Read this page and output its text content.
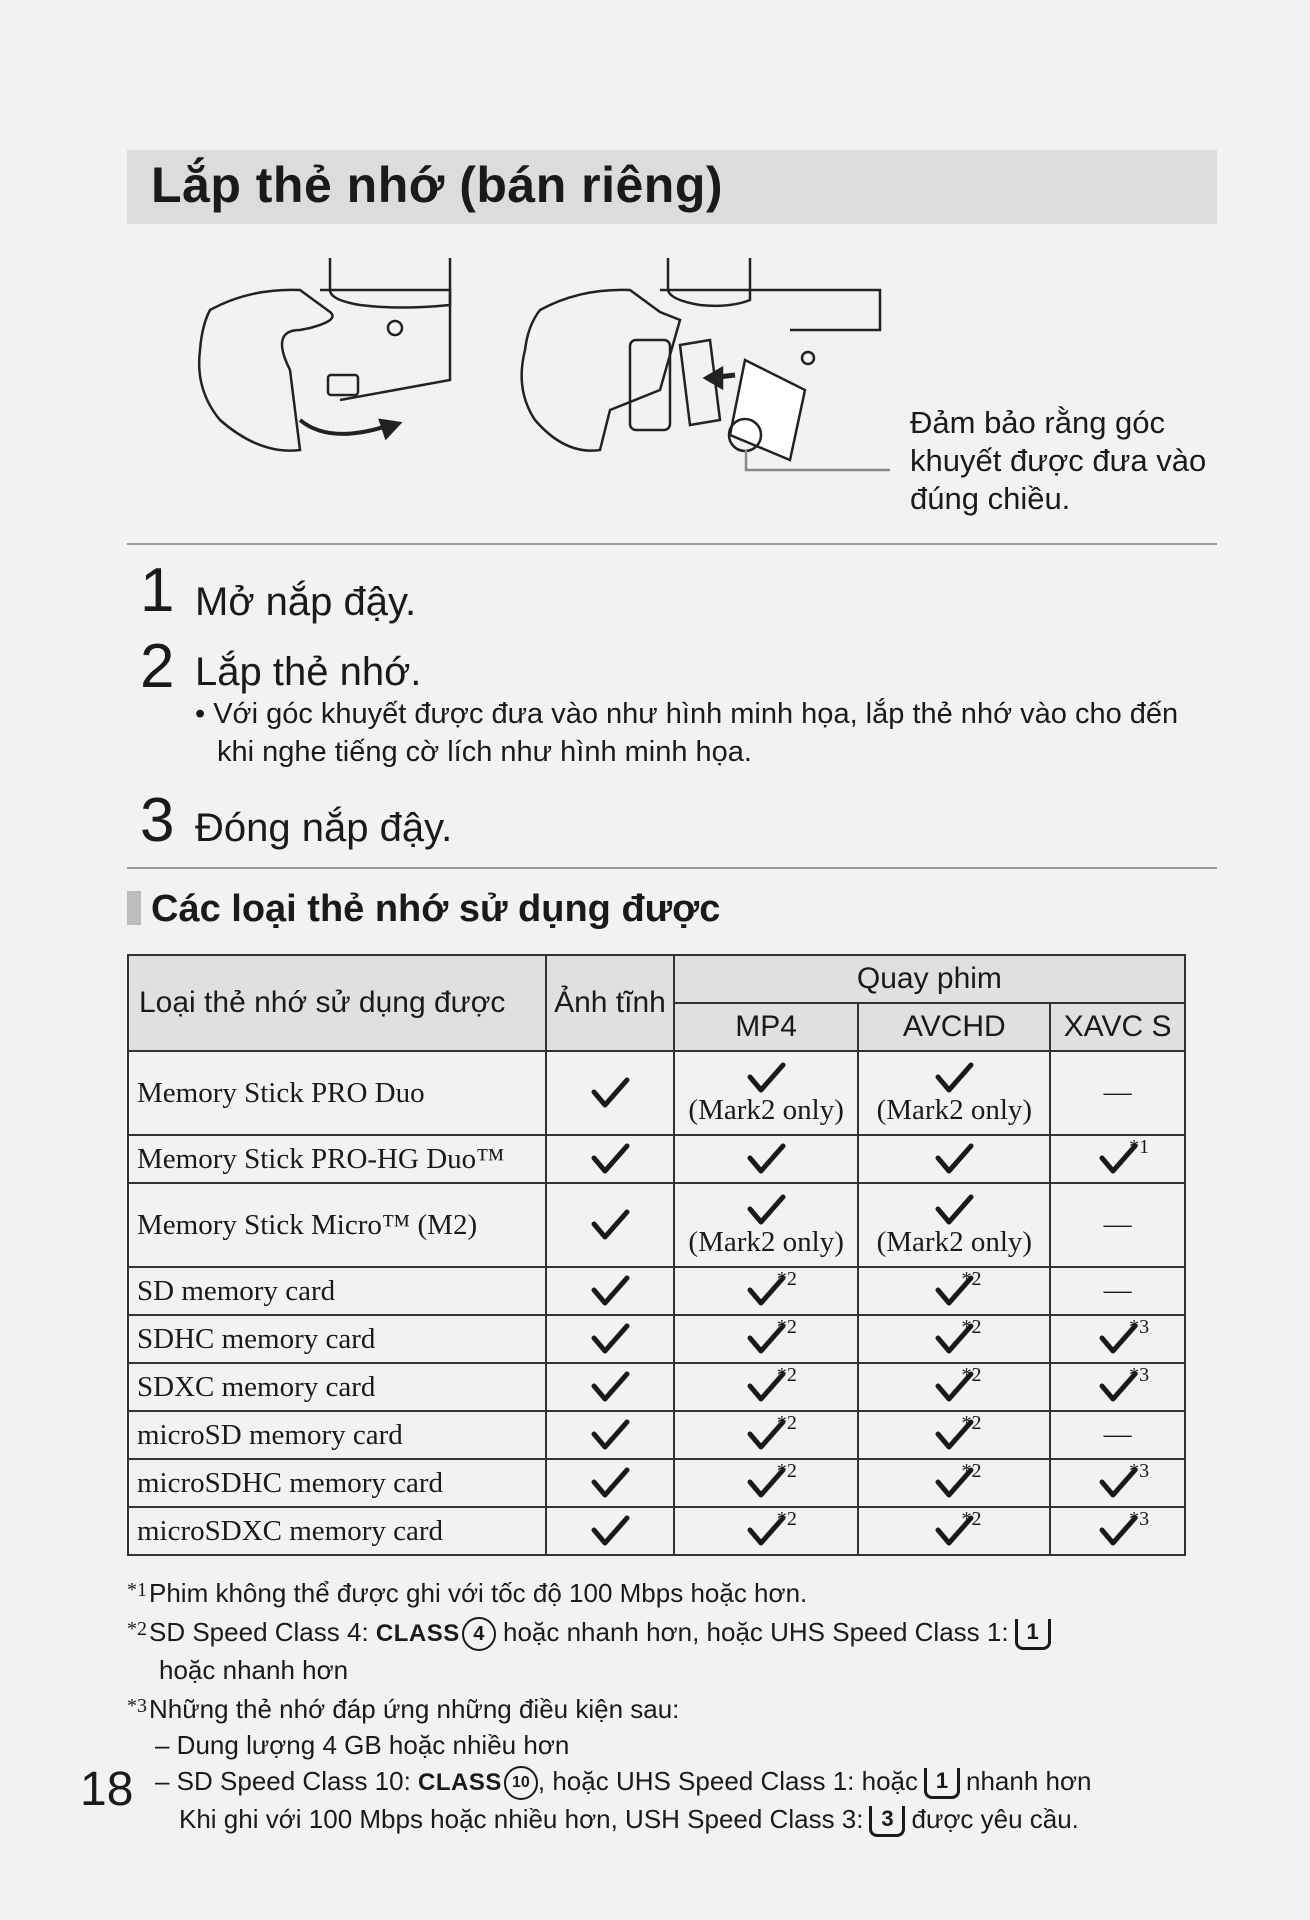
Lắp thẻ nhớ (bán riêng)
Đảm bảo rằng góc khuyết được đưa vào đúng chiều.
1 Mở nắp đậy.
2 Lắp thẻ nhớ.
• Với góc khuyết được đưa vào như hình minh họa, lắp thẻ nhớ vào cho đến khi nghe tiếng cờ lích như hình minh họa.
3 Đóng nắp đậy.
Các loại thẻ nhớ sử dụng được
Loại thẻ nhớ sử dụng được	Ảnh tĩnh	Quay phim		
		MP4	AVCHD	XAVC S
Memory Stick PRO Duo		(Mark2 only)	(Mark2 only)	—
Memory Stick PRO-HG Duo™				*1

Memory Stick Micro™ (M2)		(Mark2 only)	(Mark2 only)	—
SD memory card		*2	*2	—
SDHC memory card		*2	*2	*3

SDXC memory card		*2	*2	*3

microSD memory card		*2	*2	—
microSDHC memory card		*2	*2	*3

microSDXC memory card		*2	*2	*3
$^{*1}$Phim không thể được ghi với tốc độ 100 Mbps hoặc hơn.
$^{*2}$SD Speed Class 4: CLASS 4 hoặc nhanh hơn, hoặc UHS Speed Class 1: 1
hoặc nhanh hơn
$^{*3}$Những thẻ nhớ đáp ứng những điều kiện sau:
– Dung lượng 4 GB hoặc nhiều hơn
– SD Speed Class 10: CLASS 10 , hoặc UHS Speed Class 1: hoặc 1 nhanh hơn
Khi ghi với 100 Mbps hoặc nhiều hơn, USH Speed Class 3: 3 được yêu cầu.
18
